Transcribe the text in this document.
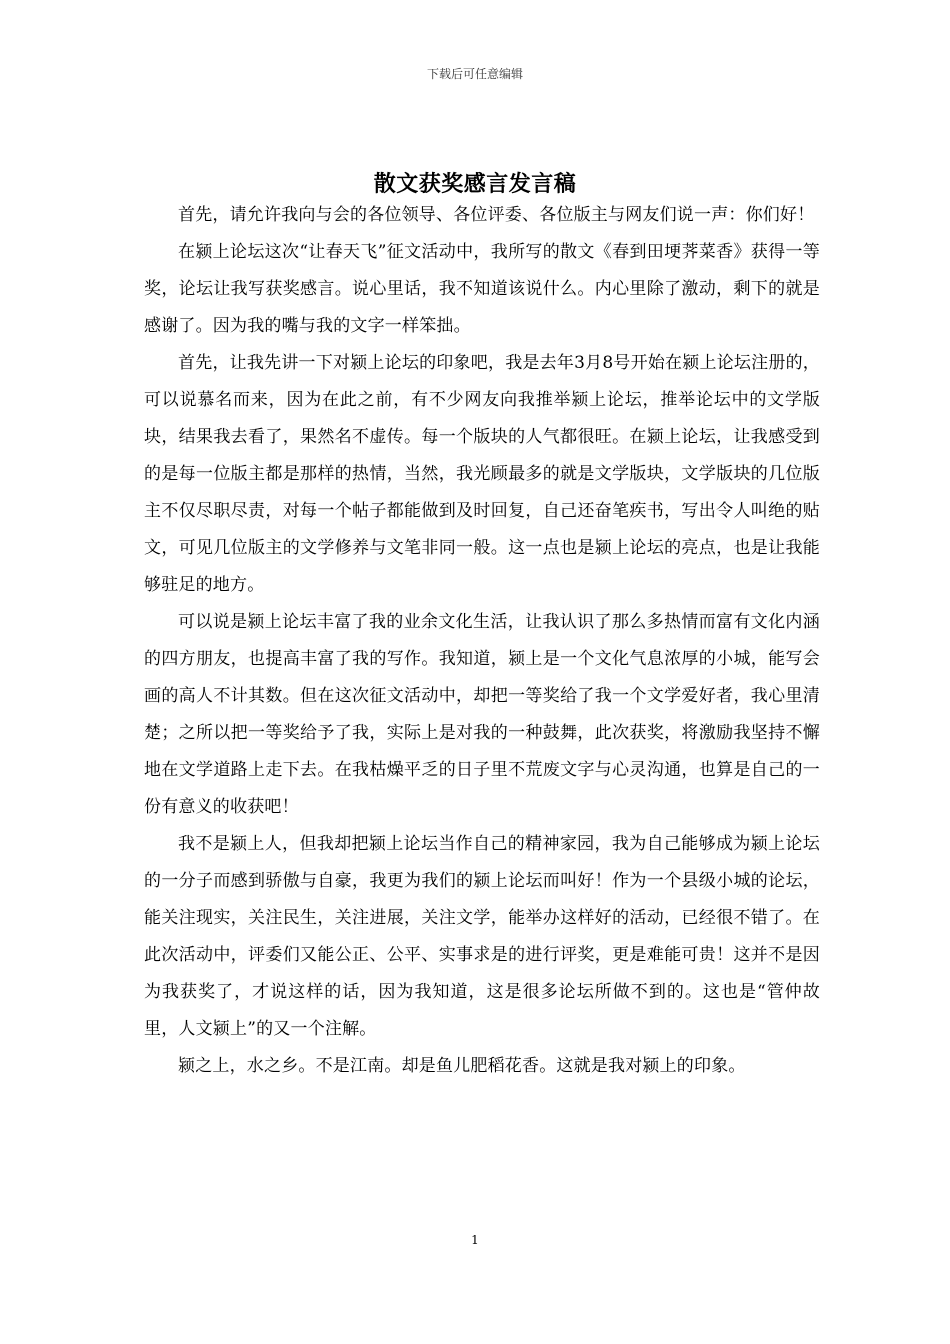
下载后可任意编辑
散文获奖感言发言稿

首先，请允许我向与会的各位领导、各位评委、各位版主与网友们说一声：你们好！

在颍上论坛这次“让春天飞”征文活动中，我所写的散文《春到田埂荠菜香》获得一等奖，论坛让我写获奖感言。说心里话，我不知道该说什么。内心里除了激动，剩下的就是感谢了。因为我的嘴与我的文字一样笨拙。

首先，让我先讲一下对颍上论坛的印象吧，我是去年3月8号开始在颍上论坛注册的，可以说慕名而来，因为在此之前，有不少网友向我推举颍上论坛，推举论坛中的文学版块，结果我去看了，果然名不虚传。每一个版块的人气都很旺。在颍上论坛，让我感受到的是每一位版主都是那样的热情，当然，我光顾最多的就是文学版块，文学版块的几位版主不仅尽职尽责，对每一个帖子都能做到及时回复，自己还奋笔疾书，写出令人叫绝的贴文，可见几位版主的文学修养与文笔非同一般。这一点也是颍上论坛的亮点，也是让我能够驻足的地方。

可以说是颍上论坛丰富了我的业余文化生活，让我认识了那么多热情而富有文化内涵的四方朋友，也提高丰富了我的写作。我知道，颍上是一个文化气息浓厚的小城，能写会画的高人不计其数。但在这次征文活动中，却把一等奖给了我一个文学爱好者，我心里清楚；之所以把一等奖给予了我，实际上是对我的一种鼓舞，此次获奖，将激励我坚持不懈地在文学道路上走下去。在我枯燥平乏的日子里不荒废文字与心灵沟通，也算是自己的一份有意义的收获吧！

我不是颍上人，但我却把颍上论坛当作自己的精神家园，我为自己能够成为颍上论坛的一分子而感到骄傲与自豪，我更为我们的颍上论坛而叫好！作为一个县级小城的论坛，能关注现实，关注民生，关注进展，关注文学，能举办这样好的活动，已经很不错了。在此次活动中，评委们又能公正、公平、实事求是的进行评奖，更是难能可贵！这并不是因为我获奖了，才说这样的话，因为我知道，这是很多论坛所做不到的。这也是“管仲故里，人文颍上”的又一个注解。

颍之上，水之乡。不是江南。却是鱼儿肥稻花香。这就是我对颍上的印象。

1
